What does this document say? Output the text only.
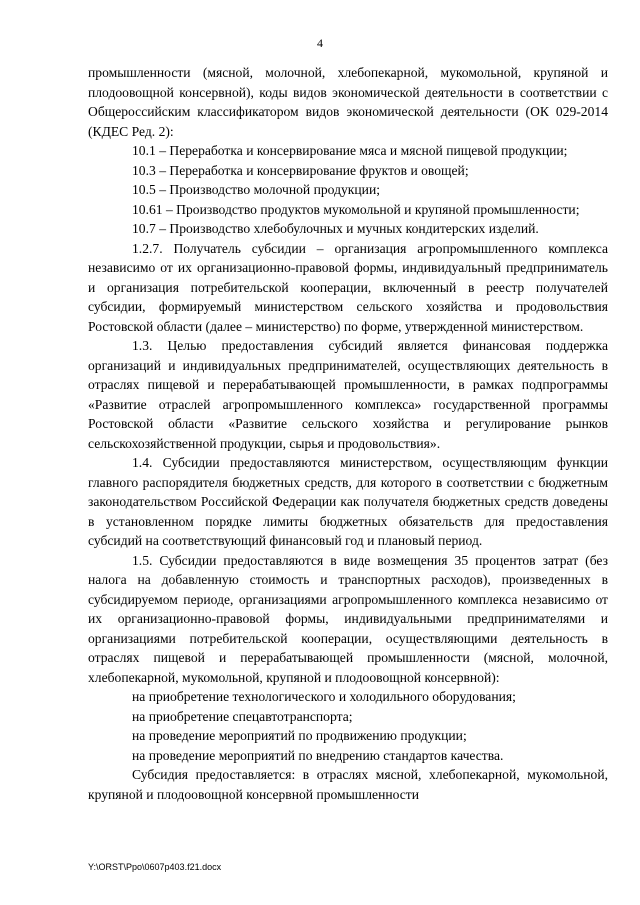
4

промышленности (мясной, молочной, хлебопекарной, мукомольной, крупяной и плодоовощной консервной), коды видов экономической деятельности в соответствии с Общероссийским классификатором видов экономической деятельности (ОК 029-2014 (КДЕС Ред. 2):

10.1 – Переработка и консервирование мяса и мясной пищевой продукции;

10.3 – Переработка и консервирование фруктов и овощей;

10.5 – Производство молочной продукции;

10.61 – Производство продуктов мукомольной и крупяной промышленности;

10.7 – Производство хлебобулочных и мучных кондитерских изделий.

1.2.7. Получатель субсидии – организация агропромышленного комплекса независимо от их организационно-правовой формы, индивидуальный предприниматель и организация потребительской кооперации, включенный в реестр получателей субсидии, формируемый министерством сельского хозяйства и продовольствия Ростовской области (далее – министерство) по форме, утвержденной министерством.

1.3. Целью предоставления субсидий является финансовая поддержка организаций и индивидуальных предпринимателей, осуществляющих деятельность в отраслях пищевой и перерабатывающей промышленности, в рамках подпрограммы «Развитие отраслей агропромышленного комплекса» государственной программы Ростовской области «Развитие сельского хозяйства и регулирование рынков сельскохозяйственной продукции, сырья и продовольствия».

1.4. Субсидии предоставляются министерством, осуществляющим функции главного распорядителя бюджетных средств, для которого в соответствии с бюджетным законодательством Российской Федерации как получателя бюджетных средств доведены в установленном порядке лимиты бюджетных обязательств для предоставления субсидий на соответствующий финансовый год и плановый период.

1.5. Субсидии предоставляются в виде возмещения 35 процентов затрат (без налога на добавленную стоимость и транспортных расходов), произведенных в субсидируемом периоде, организациями агропромышленного комплекса независимо от их организационно-правовой формы, индивидуальными предпринимателями и организациями потребительской кооперации, осуществляющими деятельность в отраслях пищевой и перерабатывающей промышленности (мясной, молочной, хлебопекарной, мукомольной, крупяной и плодоовощной консервной):

на приобретение технологического и холодильного оборудования;

на приобретение спецавтотранспорта;

на проведение мероприятий по продвижению продукции;

на проведение мероприятий по внедрению стандартов качества.

Субсидия предоставляется: в отраслях мясной, хлебопекарной, мукомольной, крупяной и плодоовощной консервной промышленности

Y:\ORST\Ppo\0607p403.f21.docx
